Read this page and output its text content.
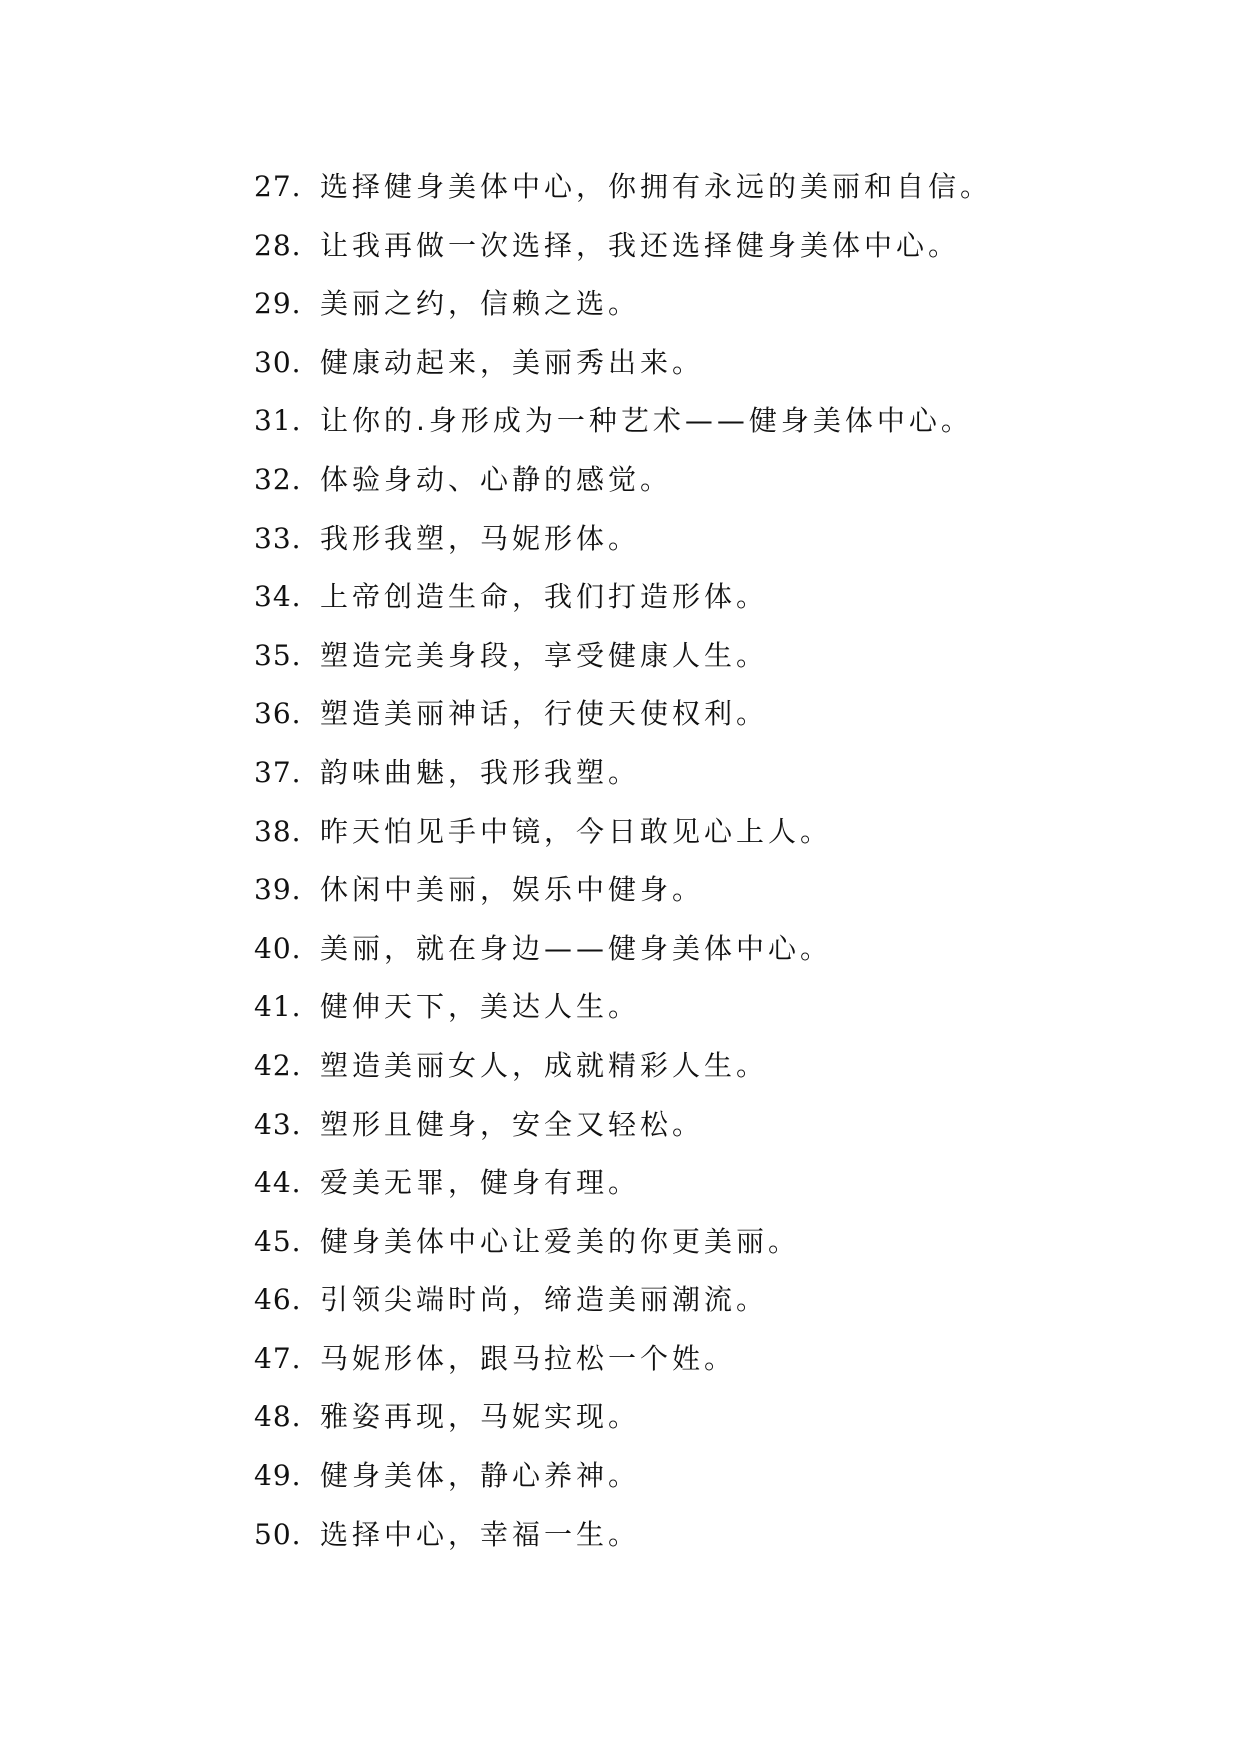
27. 选择健身美体中心，你拥有永远的美丽和自信。
28. 让我再做一次选择，我还选择健身美体中心。
29. 美丽之约，信赖之选。
30. 健康动起来，美丽秀出来。
31. 让你的.身形成为一种艺术——健身美体中心。
32. 体验身动、心静的感觉。
33. 我形我塑，马妮形体。
34. 上帝创造生命，我们打造形体。
35. 塑造完美身段，享受健康人生。
36. 塑造美丽神话，行使天使权利。
37. 韵味曲魅，我形我塑。
38. 昨天怕见手中镜，今日敢见心上人。
39. 休闲中美丽，娱乐中健身。
40. 美丽，就在身边——健身美体中心。
41. 健伸天下，美达人生。
42. 塑造美丽女人，成就精彩人生。
43. 塑形且健身，安全又轻松。
44. 爱美无罪，健身有理。
45. 健身美体中心让爱美的你更美丽。
46. 引领尖端时尚，缔造美丽潮流。
47. 马妮形体，跟马拉松一个姓。
48. 雅姿再现，马妮实现。
49. 健身美体，静心养神。
50. 选择中心，幸福一生。
